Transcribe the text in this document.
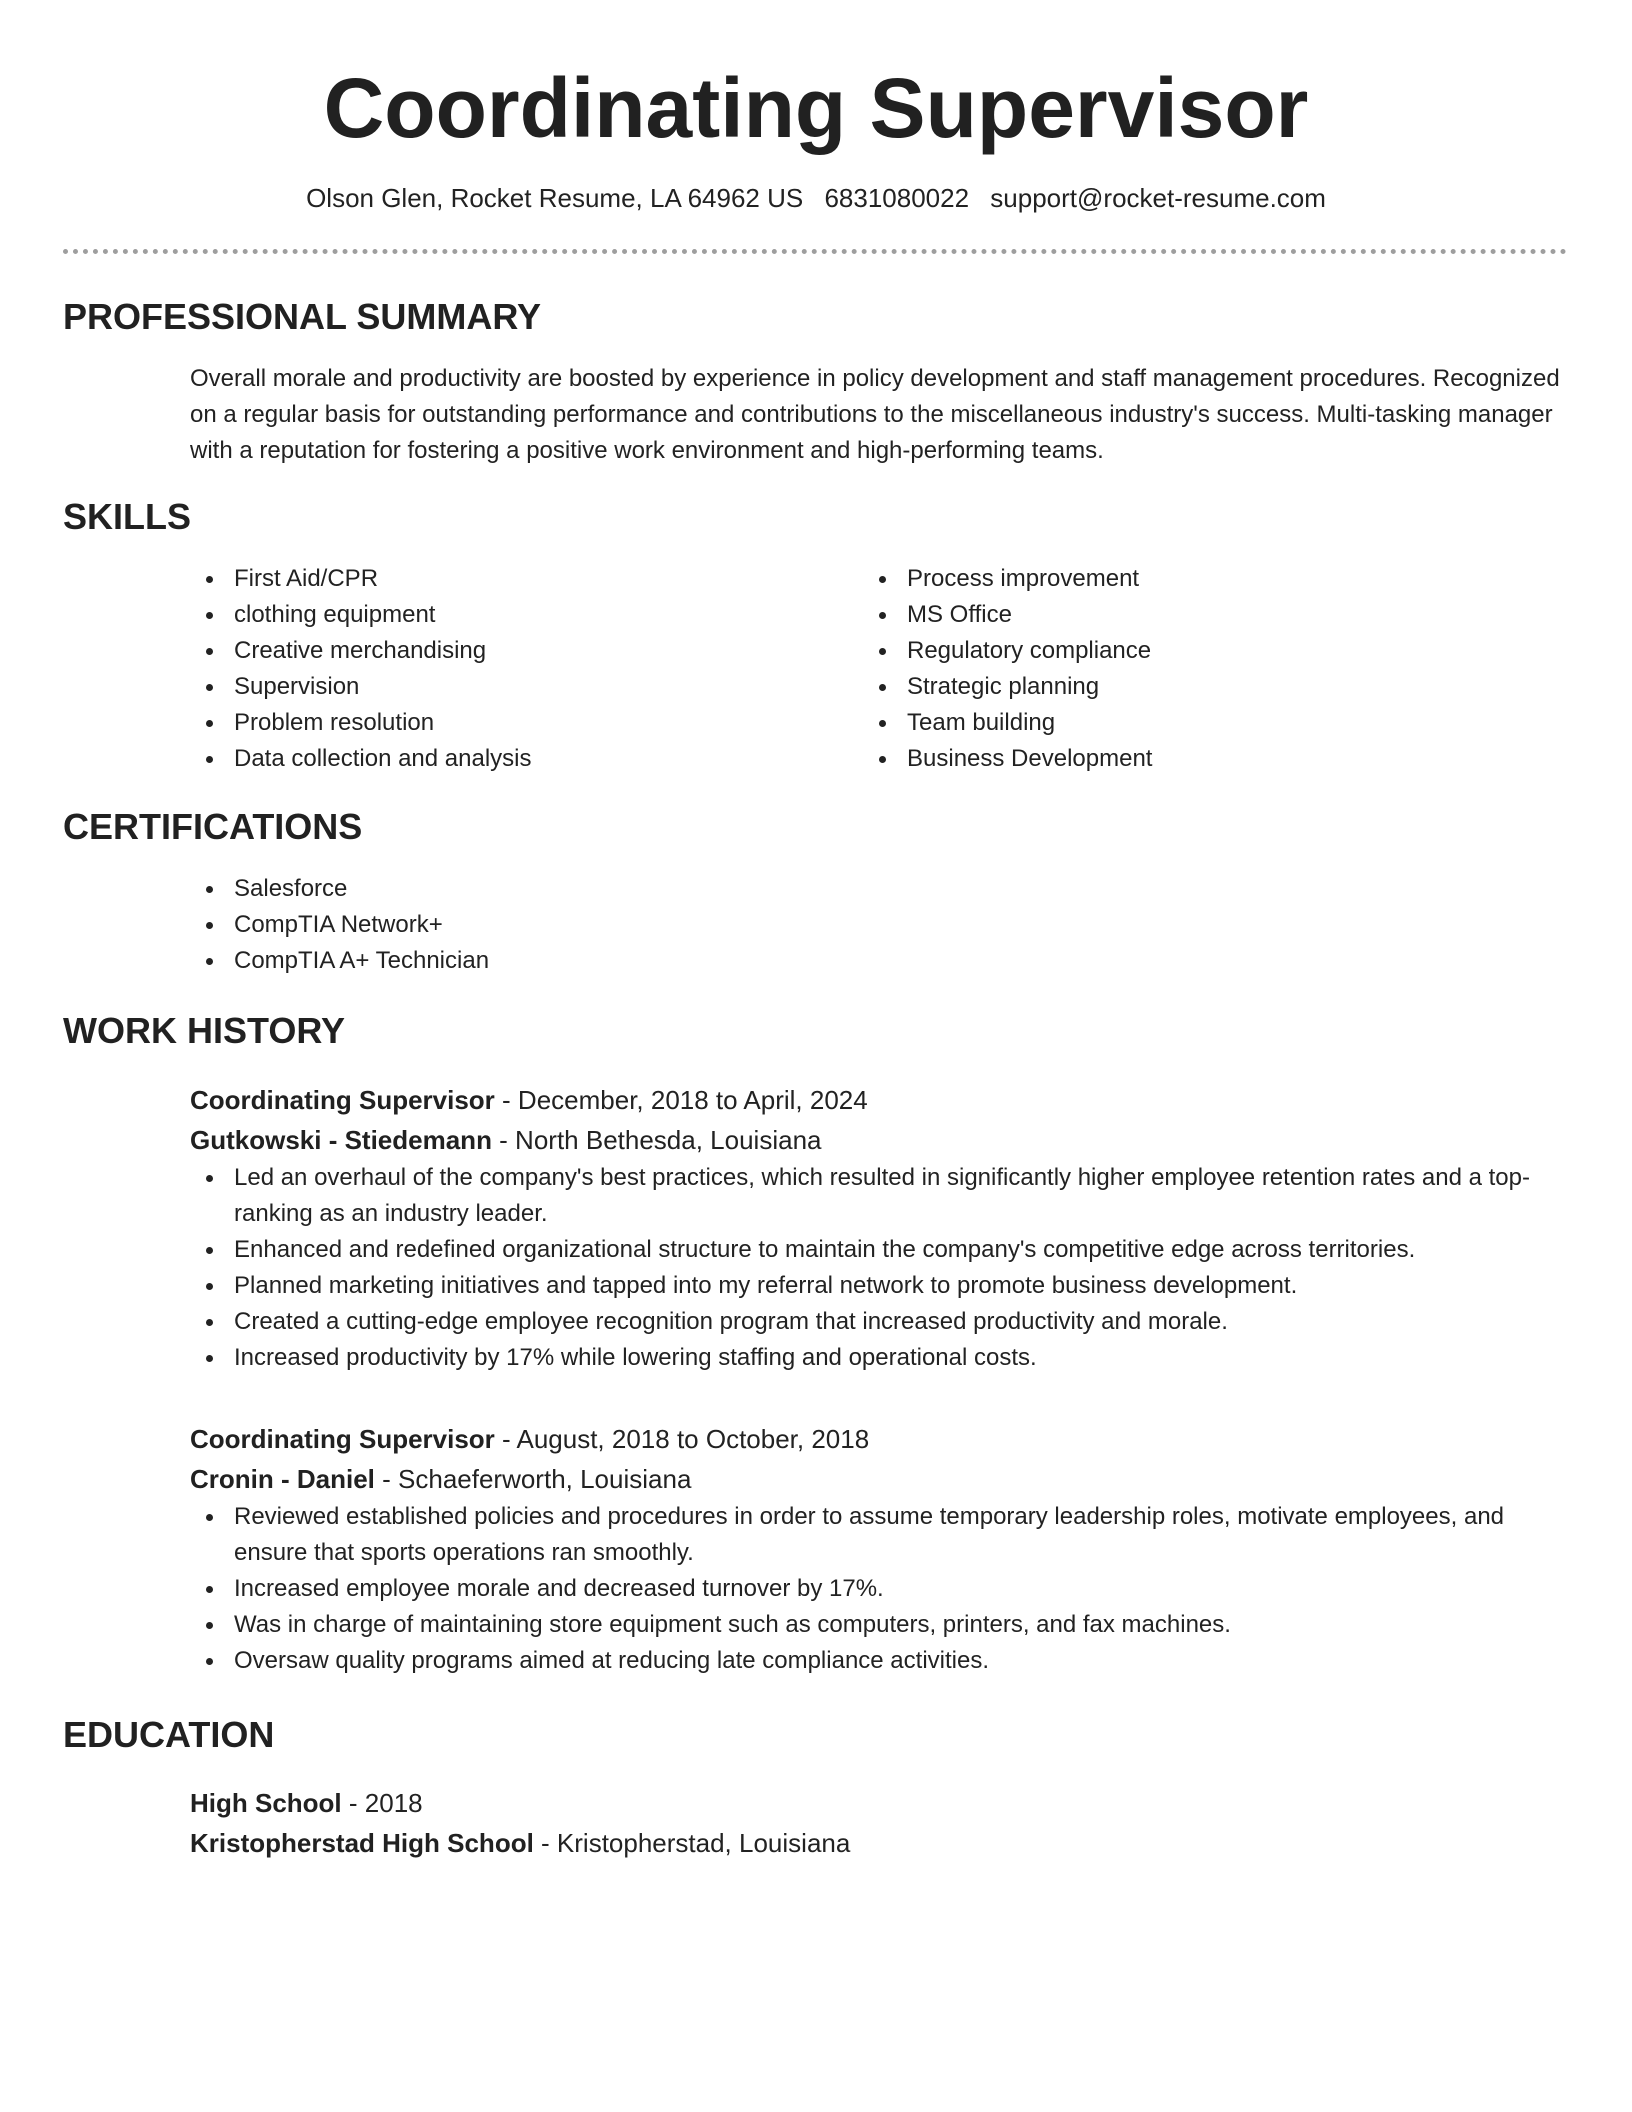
Coordinating Supervisor
Olson Glen, Rocket Resume, LA 64962 US 6831080022 support@rocket-resume.com
PROFESSIONAL SUMMARY

Overall morale and productivity are boosted by experience in policy development and staff management procedures. Recognized on a regular basis for outstanding performance and contributions to the miscellaneous industry's success. Multi-tasking manager with a reputation for fostering a positive work environment and high-performing teams.

SKILLS
First Aid/CPR
clothing equipment
Creative merchandising
Supervision
Problem resolution
Data collection and analysis
Process improvement
MS Office
Regulatory compliance
Strategic planning
Team building
Business Development
CERTIFICATIONS
Salesforce
CompTIA Network+
CompTIA A+ Technician
WORK HISTORY
Coordinating Supervisor - December, 2018 to April, 2024
Gutkowski - Stiedemann - North Bethesda, Louisiana
Led an overhaul of the company's best practices, which resulted in significantly higher employee retention rates and a top-ranking as an industry leader.
Enhanced and redefined organizational structure to maintain the company's competitive edge across territories.
Planned marketing initiatives and tapped into my referral network to promote business development.
Created a cutting-edge employee recognition program that increased productivity and morale.
Increased productivity by 17% while lowering staffing and operational costs.
Coordinating Supervisor - August, 2018 to October, 2018
Cronin - Daniel - Schaeferworth, Louisiana
Reviewed established policies and procedures in order to assume temporary leadership roles, motivate employees, and ensure that sports operations ran smoothly.
Increased employee morale and decreased turnover by 17%.
Was in charge of maintaining store equipment such as computers, printers, and fax machines.
Oversaw quality programs aimed at reducing late compliance activities.
EDUCATION
High School - 2018
Kristopherstad High School - Kristopherstad, Louisiana
